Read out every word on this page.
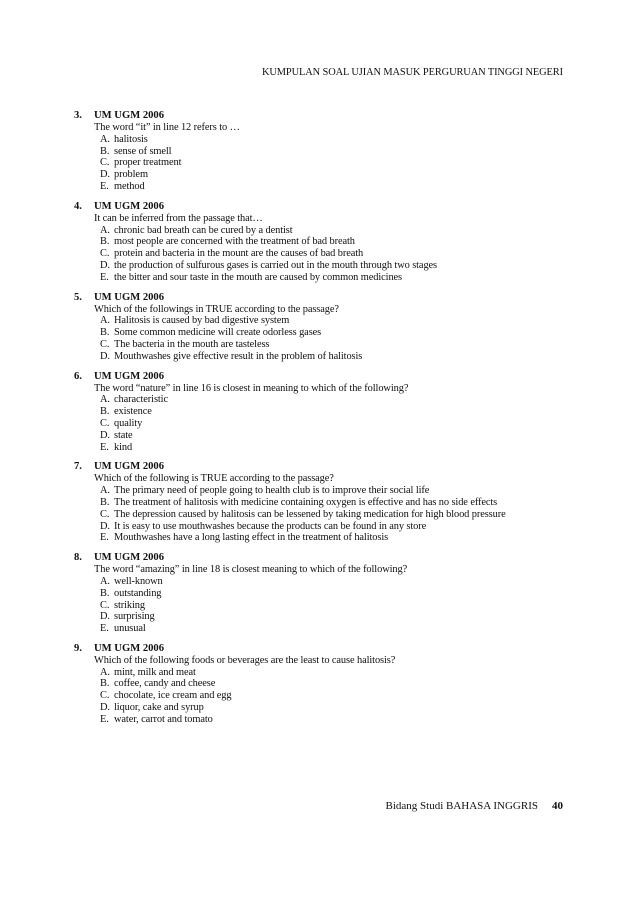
KUMPULAN SOAL UJIAN MASUK PERGURUAN TINGGI NEGERI
3.	UM UGM 2006
The word “it” in line 12 refers to …
A. halitosis
B. sense of smell
C. proper treatment
D. problem
E. method
4.	UM UGM 2006
It can be inferred from the passage that…
A. chronic bad breath can be cured by a dentist
B. most people are concerned with the treatment of bad breath
C. protein and bacteria in the mount are the causes of bad breath
D. the production of sulfurous gases is carried out in the mouth through two stages
E. the bitter and sour taste in the mouth are caused by common medicines
5.	UM UGM 2006
Which of the followings in TRUE according to the passage?
A. Halitosis is caused by bad digestive system
B. Some common medicine will create odorless gases
C. The bacteria in the mouth are tasteless
D. Mouthwashes give effective result in the problem of halitosis
6.	UM UGM 2006
The word “nature” in line 16 is closest in meaning to which of the following?
A. characteristic
B. existence
C. quality
D. state
E. kind
7.	UM UGM 2006
Which of the following is TRUE according to the passage?
A. The primary need of people going to health club is to improve their social life
B. The treatment of halitosis with medicine containing oxygen is effective and has no side effects
C. The depression caused by halitosis can be lessened by taking medication for high blood pressure
D. It is easy to use mouthwashes because the products can be found in any store
E. Mouthwashes have a long lasting effect in the treatment of halitosis
8.	UM UGM 2006
The word “amazing” in line 18 is closest meaning to which of the following?
A. well-known
B. outstanding
C. striking
D. surprising
E. unusual
9.	UM UGM 2006
Which of the following foods or beverages are the least to cause halitosis?
A. mint, milk and meat
B. coffee, candy and cheese
C. chocolate, ice cream and egg
D. liquor, cake and syrup
E. water, carrot and tomato
Bidang Studi BAHASA INGGRIS 40
